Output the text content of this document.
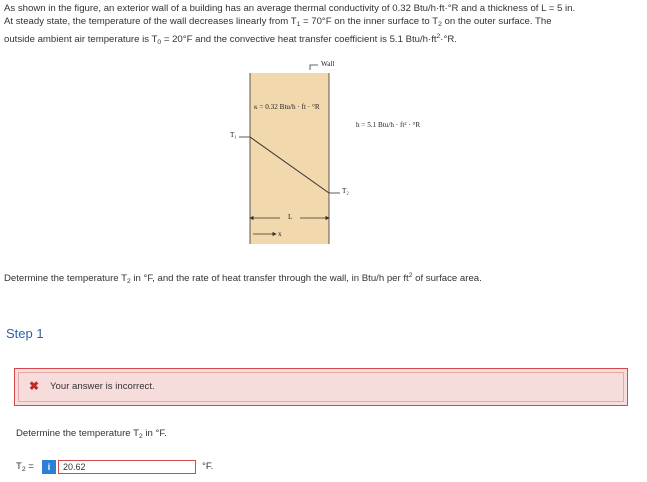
As shown in the figure, an exterior wall of a building has an average thermal conductivity of 0.32 Btu/h·ft·°R and a thickness of L = 5 in.
At steady state, the temperature of the wall decreases linearly from $T_1 = 70^\circ F$ on the inner surface to $T_2$ on the outer surface. The
outside ambient air temperature is $T_0 = 20^\circ F$ and the convective heat transfer coefficient is 5.1 Btu/$h\cdot ft^2\cdot^\circ R$.
Wall
κ = 0.32 Btu/h · ft · °R
h = 5.1 Btu/h · ft² · °R
T₁
T₂
L
x
Determine the temperature $T_2$ in °F, and the rate of heat transfer through the wall, in Btu/h per $ft^2$ of surface area.
Step 1
✖ Your answer is incorrect.
Determine the temperature $T_2$ in °F.
$T_2$ =	i
20.62	°F.
